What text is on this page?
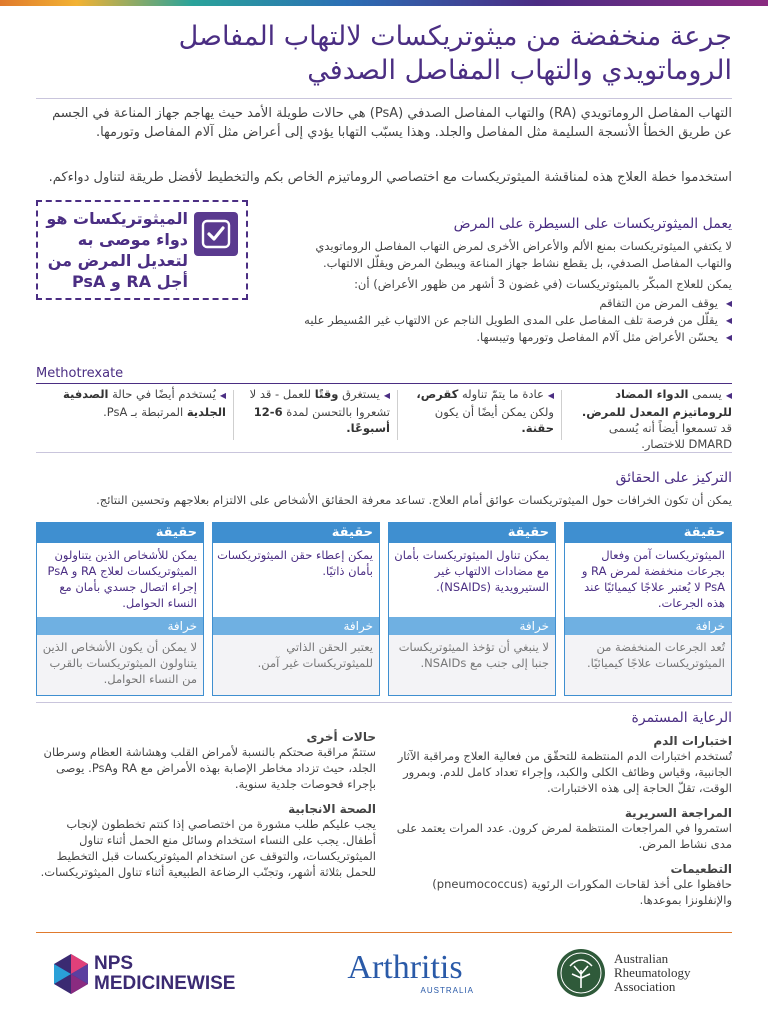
جرعة منخفضة من ميثوتريكسات لالتهاب المفاصل
الروماتويدي والتهاب المفاصل الصدفي

التهاب المفاصل الروماتويدي (RA) والتهاب المفاصل الصدفي (PsA) هي حالات طويلة الأمد حيث يهاجم جهاز المناعة في الجسم عن طريق الخطأ الأنسجة السليمة مثل المفاصل والجلد. وهذا يسبّب التهابا يؤدي إلى أعراض مثل آلام المفاصل وتورمها.

استخدموا خطة العلاج هذه لمناقشة الميثوتريكسات مع اختصاصي الروماتيزم الخاص بكم والتخطيط لأفضل طريقة لتناول دواءكم.

الميثوتريكسات هو دواء موصى به لتعديل المرض من أجل RA و PsA
يعمل الميثوتريكسات على السيطرة على المرض

لا يكتفي الميثوتريكسات بمنع الألم والأعراض الأخرى لمرض التهاب المفاصل الروماتويدي والتهاب المفاصل الصدفي، بل يقطع نشاط جهاز المناعة ويبطئ المرض ويقلّل الالتهاب.

يمكن للعلاج المبكّر بالميثوتريكسات (في غضون 3 أشهر من ظهور الأعراض) أن:

◀ يوقف المرض من التفاقم
◀ يقلّل من فرصة تلف المفاصل على المدى الطويل الناجم عن الالتهاب غير المُسيطر عليه
◀ يحسّن الأعراض مثل آلام المفاصل وتورمها وتيبسها.
Methotrexate
◀يسمى الدواء المضاد للروماتيزم المعدل للمرض. قد تسمعوا أيضاً أنه يُسمى DMARD للاختصار.
◀عادة ما يتمّ تناوله كقرص، ولكن يمكن أيضًا أن يكون حقنة.
◀يستغرق وقتًا للعمل - قد لا تشعروا بالتحسن لمدة 6-12 أسبوعًا.
◀يُستخدم أيضًا في حالة الصدفية الجلدية المرتبطة بـ PsA.
التركيز على الحقائق

يمكن أن تكون الخرافات حول الميثوتريكسات عوائق أمام العلاج. تساعد معرفة الحقائق الأشخاص على الالتزام بعلاجهم وتحسين النتائج.

حقيقة
الميثوتريكسات آمن وفعال بجرعات منخفضة لمرض RA و PsA لا يُعتبر علاجًا كيميائيًا عند هذه الجرعات.
خرافة
تُعد الجرعات المنخفضة من الميثوتريكسات علاجًا كيميائيًا.
حقيقة
يمكن تناول الميثوتريكسات بأمان مع مضادات الالتهاب غير الستيرويدية (NSAIDs).
خرافة
لا ينبغي أن تؤخذ الميثوتريكسات جنبا إلى جنب مع NSAIDs.
حقيقة
يمكن إعطاء حقن الميثوتريكسات بأمان ذاتيًا.
خرافة
يعتبر الحقن الذاتي للميثوتريكسات غير آمن.
حقيقة
يمكن للأشخاص الذين يتناولون الميثوتريكسات لعلاج RA و PsA إجراء اتصال جسدي بأمان مع النساء الحوامل.
خرافة
لا يمكن أن يكون الأشخاص الذين يتناولون الميثوتريكسات بالقرب من النساء الحوامل.
الرعاية المستمرة
اختبارات الدم

تُستخدم اختبارات الدم المنتظمة للتحقّق من فعالية العلاج ومراقبة الآثار الجانبية، وقياس وظائف الكلى والكبد، وإجراء تعداد كامل للدم. وبمرور الوقت، تقلّ الحاجة إلى هذه الاختبارات.

المراجعة السريرية

استمروا في المراجعات المنتظمة لمرض كرون. عدد المرات يعتمد على مدى نشاط المرض.

التطعيمات

حافظوا على أخذ لقاحات المكورات الرئوية (pneumococcus) والإنفلونزا بموعدها.

حالات أخرى

ستتمّ مراقبة صحتكم بالنسبة لأمراض القلب وهشاشة العظام وسرطان الجلد، حيث تزداد مخاطر الإصابة بهذه الأمراض مع RA وPsA. يوصى بإجراء فحوصات جلدية سنوية.

الصحة الانجابية

يجب عليكم طلب مشورة من اختصاصي إذا كنتم تخططون لإنجاب أطفال. يجب على النساء استخدام وسائل منع الحمل أثناء تناول الميثوتريكسات، والتوقف عن استخدام الميثوتريكسات قبل التخطيط للحمل بثلاثة أشهر، وتجنّب الرضاعة الطبيعية أثناء تناول الميثوتريكسات.

NPS
MEDICINEWISE	Arthritis
AUSTRALIA
Australian
Rheumatology
Association
